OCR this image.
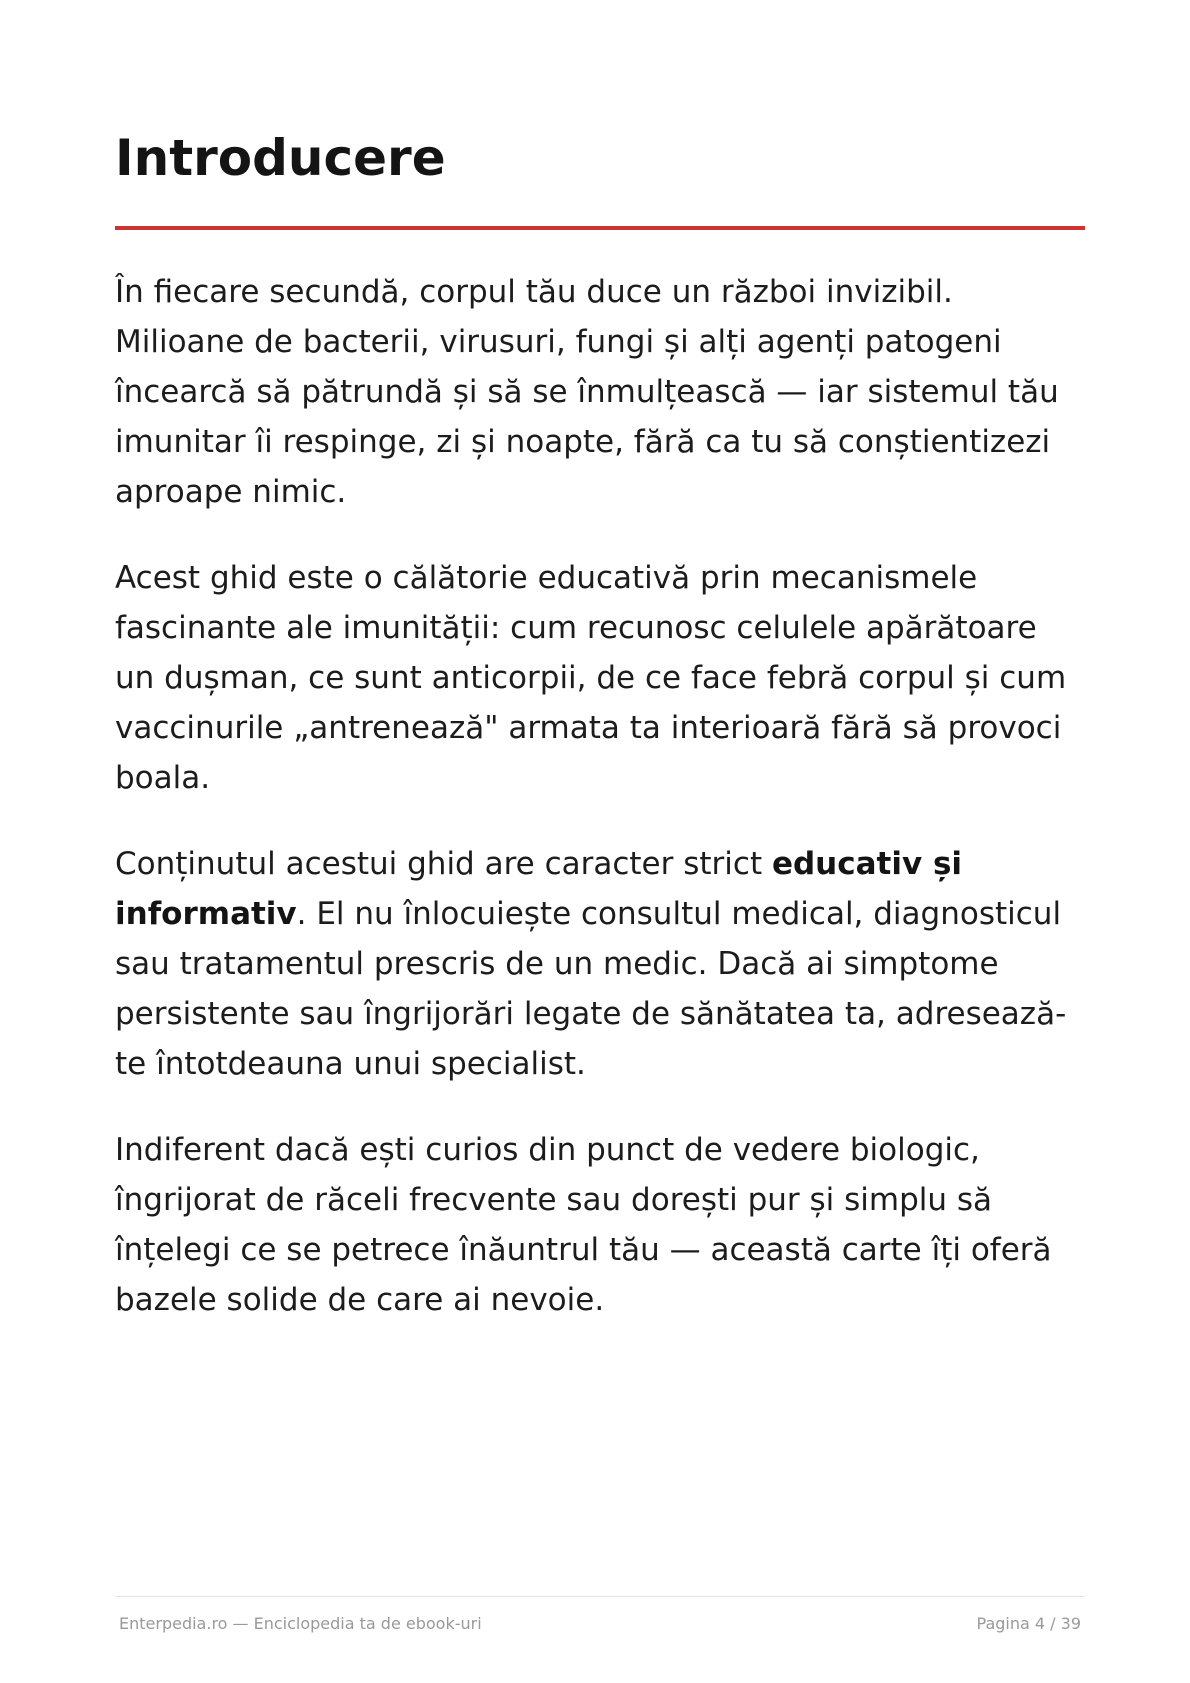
Introducere

În fiecare secundă, corpul tău duce un război invizibil. Milioane de bacterii, virusuri, fungi și alți agenți patogeni încearcă să pătrundă și să se înmulțească — iar sistemul tău imunitar îi respinge, zi și noapte, fără ca tu să conștientizezi aproape nimic.

Acest ghid este o călătorie educativă prin mecanismele fascinante ale imunității: cum recunosc celulele apărătoare un dușman, ce sunt anticorpii, de ce face febră corpul și cum vaccinurile „antrenează" armata ta interioară fără să provoci boala.

Conținutul acestui ghid are caracter strict educativ și informativ. El nu înlocuiește consultul medical, diagnosticul sau tratamentul prescris de un medic. Dacă ai simptome persistente sau îngrijorări legate de sănătatea ta, adresează-te întotdeauna unui specialist.

Indiferent dacă ești curios din punct de vedere biologic, îngrijorat de răceli frecvente sau dorești pur și simplu să înțelegi ce se petrece înăuntrul tău — această carte îți oferă bazele solide de care ai nevoie.

Enterpedia.ro — Enciclopedia ta de ebook-uri	Pagina 4 / 39
